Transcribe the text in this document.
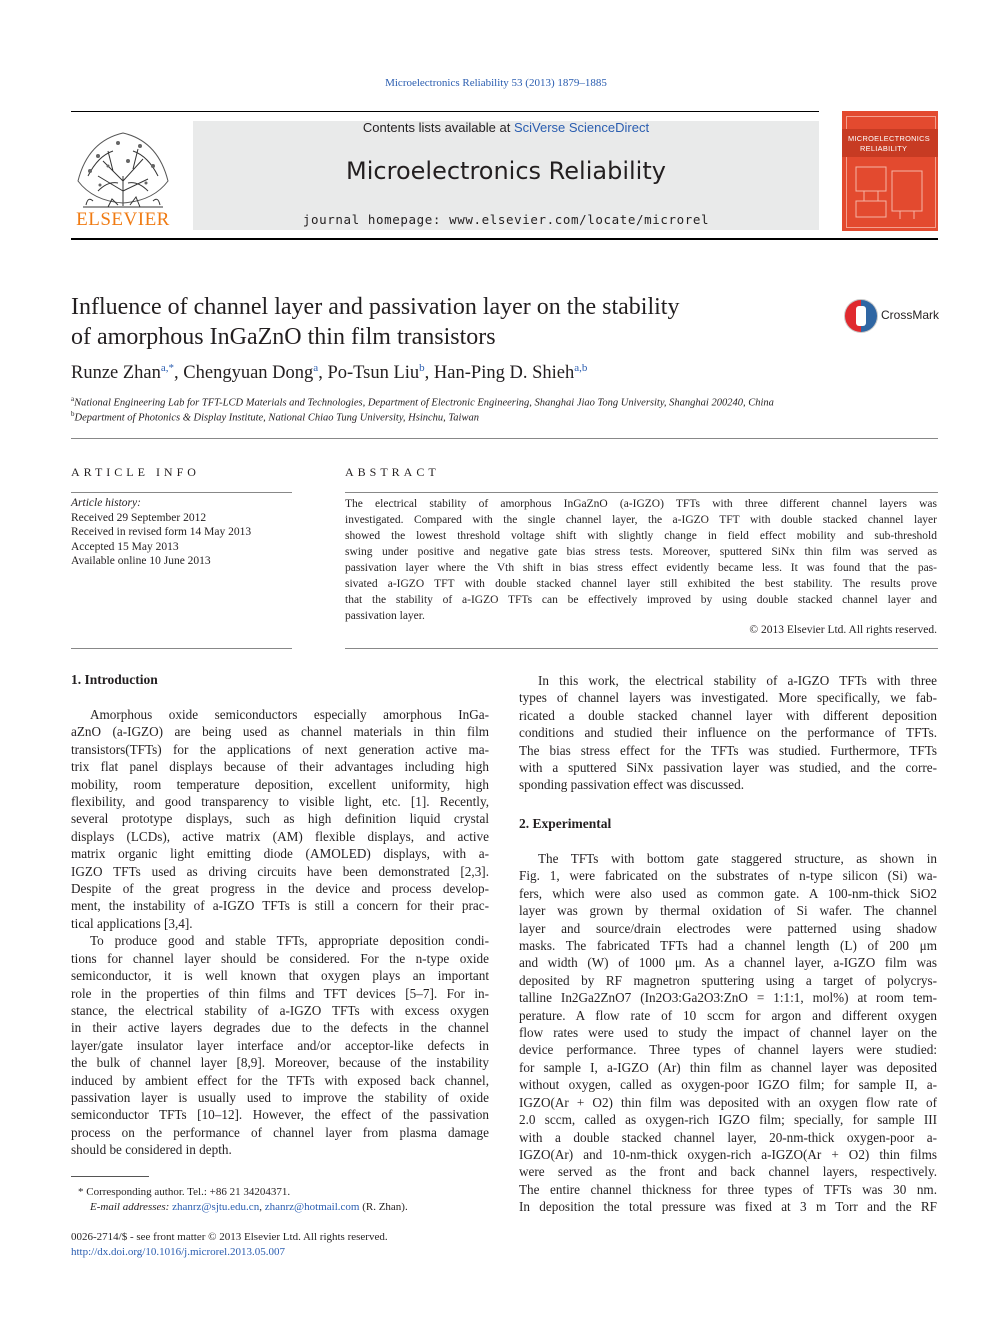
Microelectronics Reliability 53 (2013) 1879–1885
ELSEVIER
Contents lists available at SciVerse ScienceDirect
Microelectronics Reliability
journal homepage: www.elsevier.com/locate/microrel
MICROELECTRONICS
RELIABILITY
Influence of channel layer and passivation layer on the stability
of amorphous InGaZnO thin film transistors
CrossMark
Runze Zhan$^{a,*}$, Chengyuan Dong$^a$, Po-Tsun Liu$^b$, Han-Ping D. Shieh$^{a,b}$
$^a$National Engineering Lab for TFT-LCD Materials and Technologies, Department of Electronic Engineering, Shanghai Jiao Tong University, Shanghai 200240, China
$^b$Department of Photonics & Display Institute, National Chiao Tung University, Hsinchu, Taiwan
ARTICLE INFO
Article history:
Received 29 September 2012
Received in revised form 14 May 2013
Accepted 15 May 2013
Available online 10 June 2013
ABSTRACT
The electrical stability of amorphous InGaZnO (a-IGZO) TFTs with three different channel layers was
investigated. Compared with the single channel layer, the a-IGZO TFT with double stacked channel layer
showed the lowest threshold voltage shift with slightly change in field effect mobility and sub-threshold
swing under positive and negative gate bias stress tests. Moreover, sputtered SiNx thin film was served as
passivation layer where the Vth shift in bias stress effect evidently became less. It was found that the pas-
sivated a-IGZO TFT with double stacked channel layer still exhibited the best stability. The results prove
that the stability of a-IGZO TFTs can be effectively improved by using double stacked channel layer and
passivation layer.
© 2013 Elsevier Ltd. All rights reserved.
1. Introduction
Amorphous oxide semiconductors especially amorphous InGa-
aZnO (a-IGZO) are being used as channel materials in thin film
transistors(TFTs) for the applications of next generation active ma-
trix flat panel displays because of their advantages including high
mobility, room temperature deposition, excellent uniformity, high
flexibility, and good transparency to visible light, etc. [1]. Recently,
several prototype displays, such as high definition liquid crystal
displays (LCDs), active matrix (AM) flexible displays, and active
matrix organic light emitting diode (AMOLED) displays, with a-
IGZO TFTs used as driving circuits have been demonstrated [2,3].
Despite of the great progress in the device and process develop-
ment, the instability of a-IGZO TFTs is still a concern for their prac-
tical applications [3,4].
To produce good and stable TFTs, appropriate deposition condi-
tions for channel layer should be considered. For the n-type oxide
semiconductor, it is well known that oxygen plays an important
role in the properties of thin films and TFT devices [5–7]. For in-
stance, the electrical stability of a-IGZO TFTs with excess oxygen
in their active layers degrades due to the defects in the channel
layer/gate insulator layer interface and/or acceptor-like defects in
the bulk of channel layer [8,9]. Moreover, because of the instability
induced by ambient effect for the TFTs with exposed back channel,
passivation layer is usually used to improve the stability of oxide
semiconductor TFTs [10–12]. However, the effect of the passivation
process on the performance of channel layer from plasma damage
should be considered in depth.
* Corresponding author. Tel.: +86 21 34204371.
E-mail addresses: zhanrz@sjtu.edu.cn, zhanrz@hotmail.com (R. Zhan).
0026-2714/$ - see front matter © 2013 Elsevier Ltd. All rights reserved.
http://dx.doi.org/10.1016/j.microrel.2013.05.007
In this work, the electrical stability of a-IGZO TFTs with three
types of channel layers was investigated. More specifically, we fab-
ricated a double stacked channel layer with different deposition
conditions and studied their influence on the performance of TFTs.
The bias stress effect for the TFTs was studied. Furthermore, TFTs
with a sputtered SiNx passivation layer was studied, and the corre-
sponding passivation effect was discussed.
2. Experimental
The TFTs with bottom gate staggered structure, as shown in
Fig. 1, were fabricated on the substrates of n-type silicon (Si) wa-
fers, which were also used as common gate. A 100-nm-thick SiO2
layer was grown by thermal oxidation of Si wafer. The channel
layer and source/drain electrodes were patterned using shadow
masks. The fabricated TFTs had a channel length (L) of 200 μm
and width (W) of 1000 μm. As a channel layer, a-IGZO film was
deposited by RF magnetron sputtering using a target of polycrys-
talline In2Ga2ZnO7 (In2O3:Ga2O3:ZnO = 1:1:1, mol%) at room tem-
perature. A flow rate of 10 sccm for argon and different oxygen
flow rates were used to study the impact of channel layer on the
device performance. Three types of channel layers were studied:
for sample I, a-IGZO (Ar) thin film as channel layer was deposited
without oxygen, called as oxygen-poor IGZO film; for sample II, a-
IGZO(Ar + O2) thin film was deposited with an oxygen flow rate of
2.0 sccm, called as oxygen-rich IGZO film; specially, for sample III
with a double stacked channel layer, 20-nm-thick oxygen-poor a-
IGZO(Ar) and 10-nm-thick oxygen-rich a-IGZO(Ar + O2) thin films
were served as the front and back channel layers, respectively.
The entire channel thickness for three types of TFTs was 30 nm.
In deposition the total pressure was fixed at 3 m Torr and the RF
